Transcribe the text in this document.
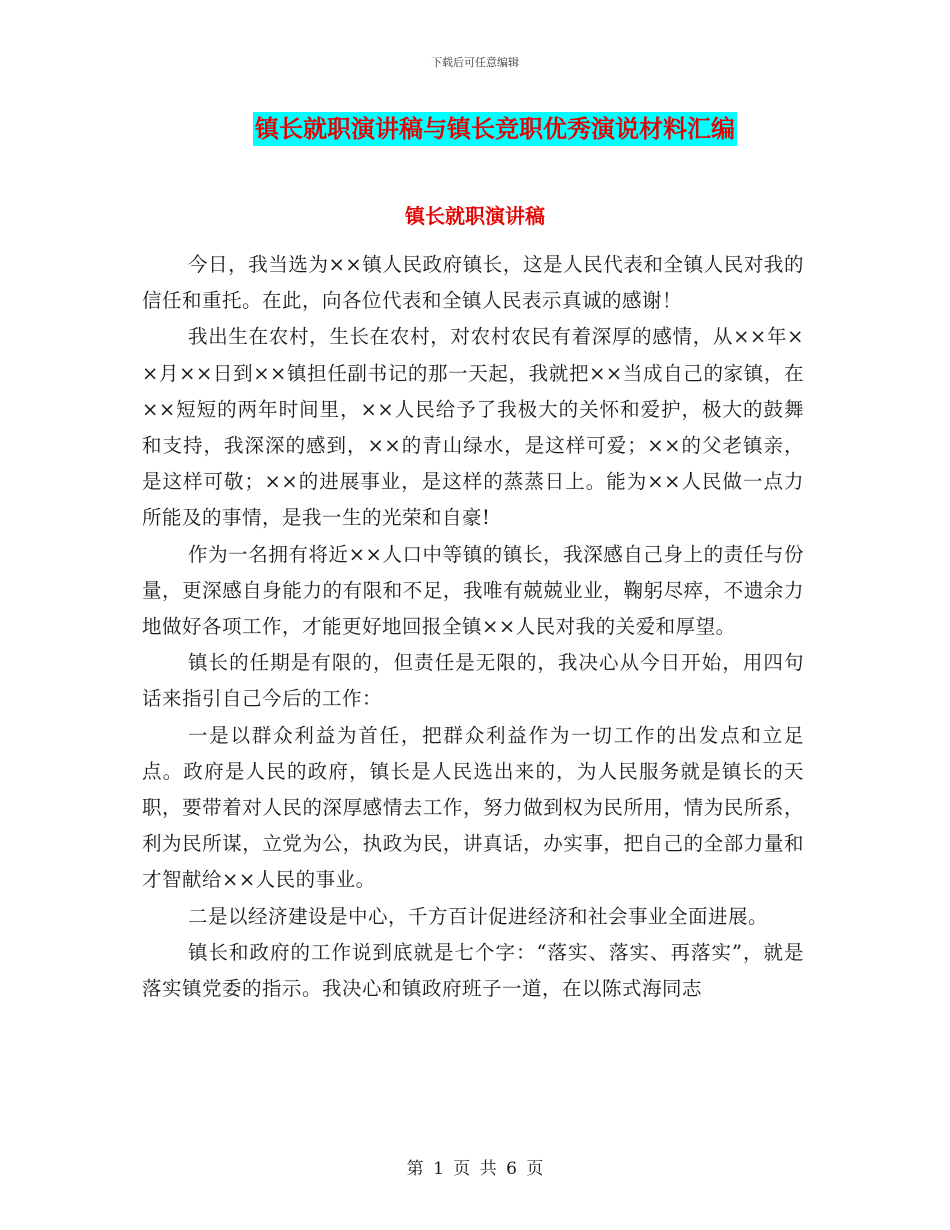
下载后可任意编辑
镇长就职演讲稿与镇长竞职优秀演说材料汇编
镇长就职演讲稿

今日，我当选为××镇人民政府镇长，这是人民代表和全镇人民对我的信任和重托。在此，向各位代表和全镇人民表示真诚的感谢！

我出生在农村，生长在农村，对农村农民有着深厚的感情，从××年××月××日到××镇担任副书记的那一天起，我就把××当成自己的家镇，在××短短的两年时间里，××人民给予了我极大的关怀和爱护，极大的鼓舞和支持，我深深的感到，××的青山绿水，是这样可爱；××的父老镇亲，是这样可敬；××的进展事业，是这样的蒸蒸日上。能为××人民做一点力所能及的事情，是我一生的光荣和自豪!

作为一名拥有将近××人口中等镇的镇长，我深感自己身上的责任与份量，更深感自身能力的有限和不足，我唯有兢兢业业，鞠躬尽瘁，不遗余力地做好各项工作，才能更好地回报全镇××人民对我的关爱和厚望。

镇长的任期是有限的，但责任是无限的，我决心从今日开始，用四句话来指引自己今后的工作：

一是以群众利益为首任，把群众利益作为一切工作的出发点和立足点。政府是人民的政府，镇长是人民选出来的，为人民服务就是镇长的天职，要带着对人民的深厚感情去工作，努力做到权为民所用，情为民所系，利为民所谋，立党为公，执政为民，讲真话，办实事，把自己的全部力量和才智献给××人民的事业。

二是以经济建设是中心，千方百计促进经济和社会事业全面进展。

镇长和政府的工作说到底就是七个字：“落实、落实、再落实”，就是落实镇党委的指示。我决心和镇政府班子一道，在以陈式海同志

第 1 页 共 6 页
